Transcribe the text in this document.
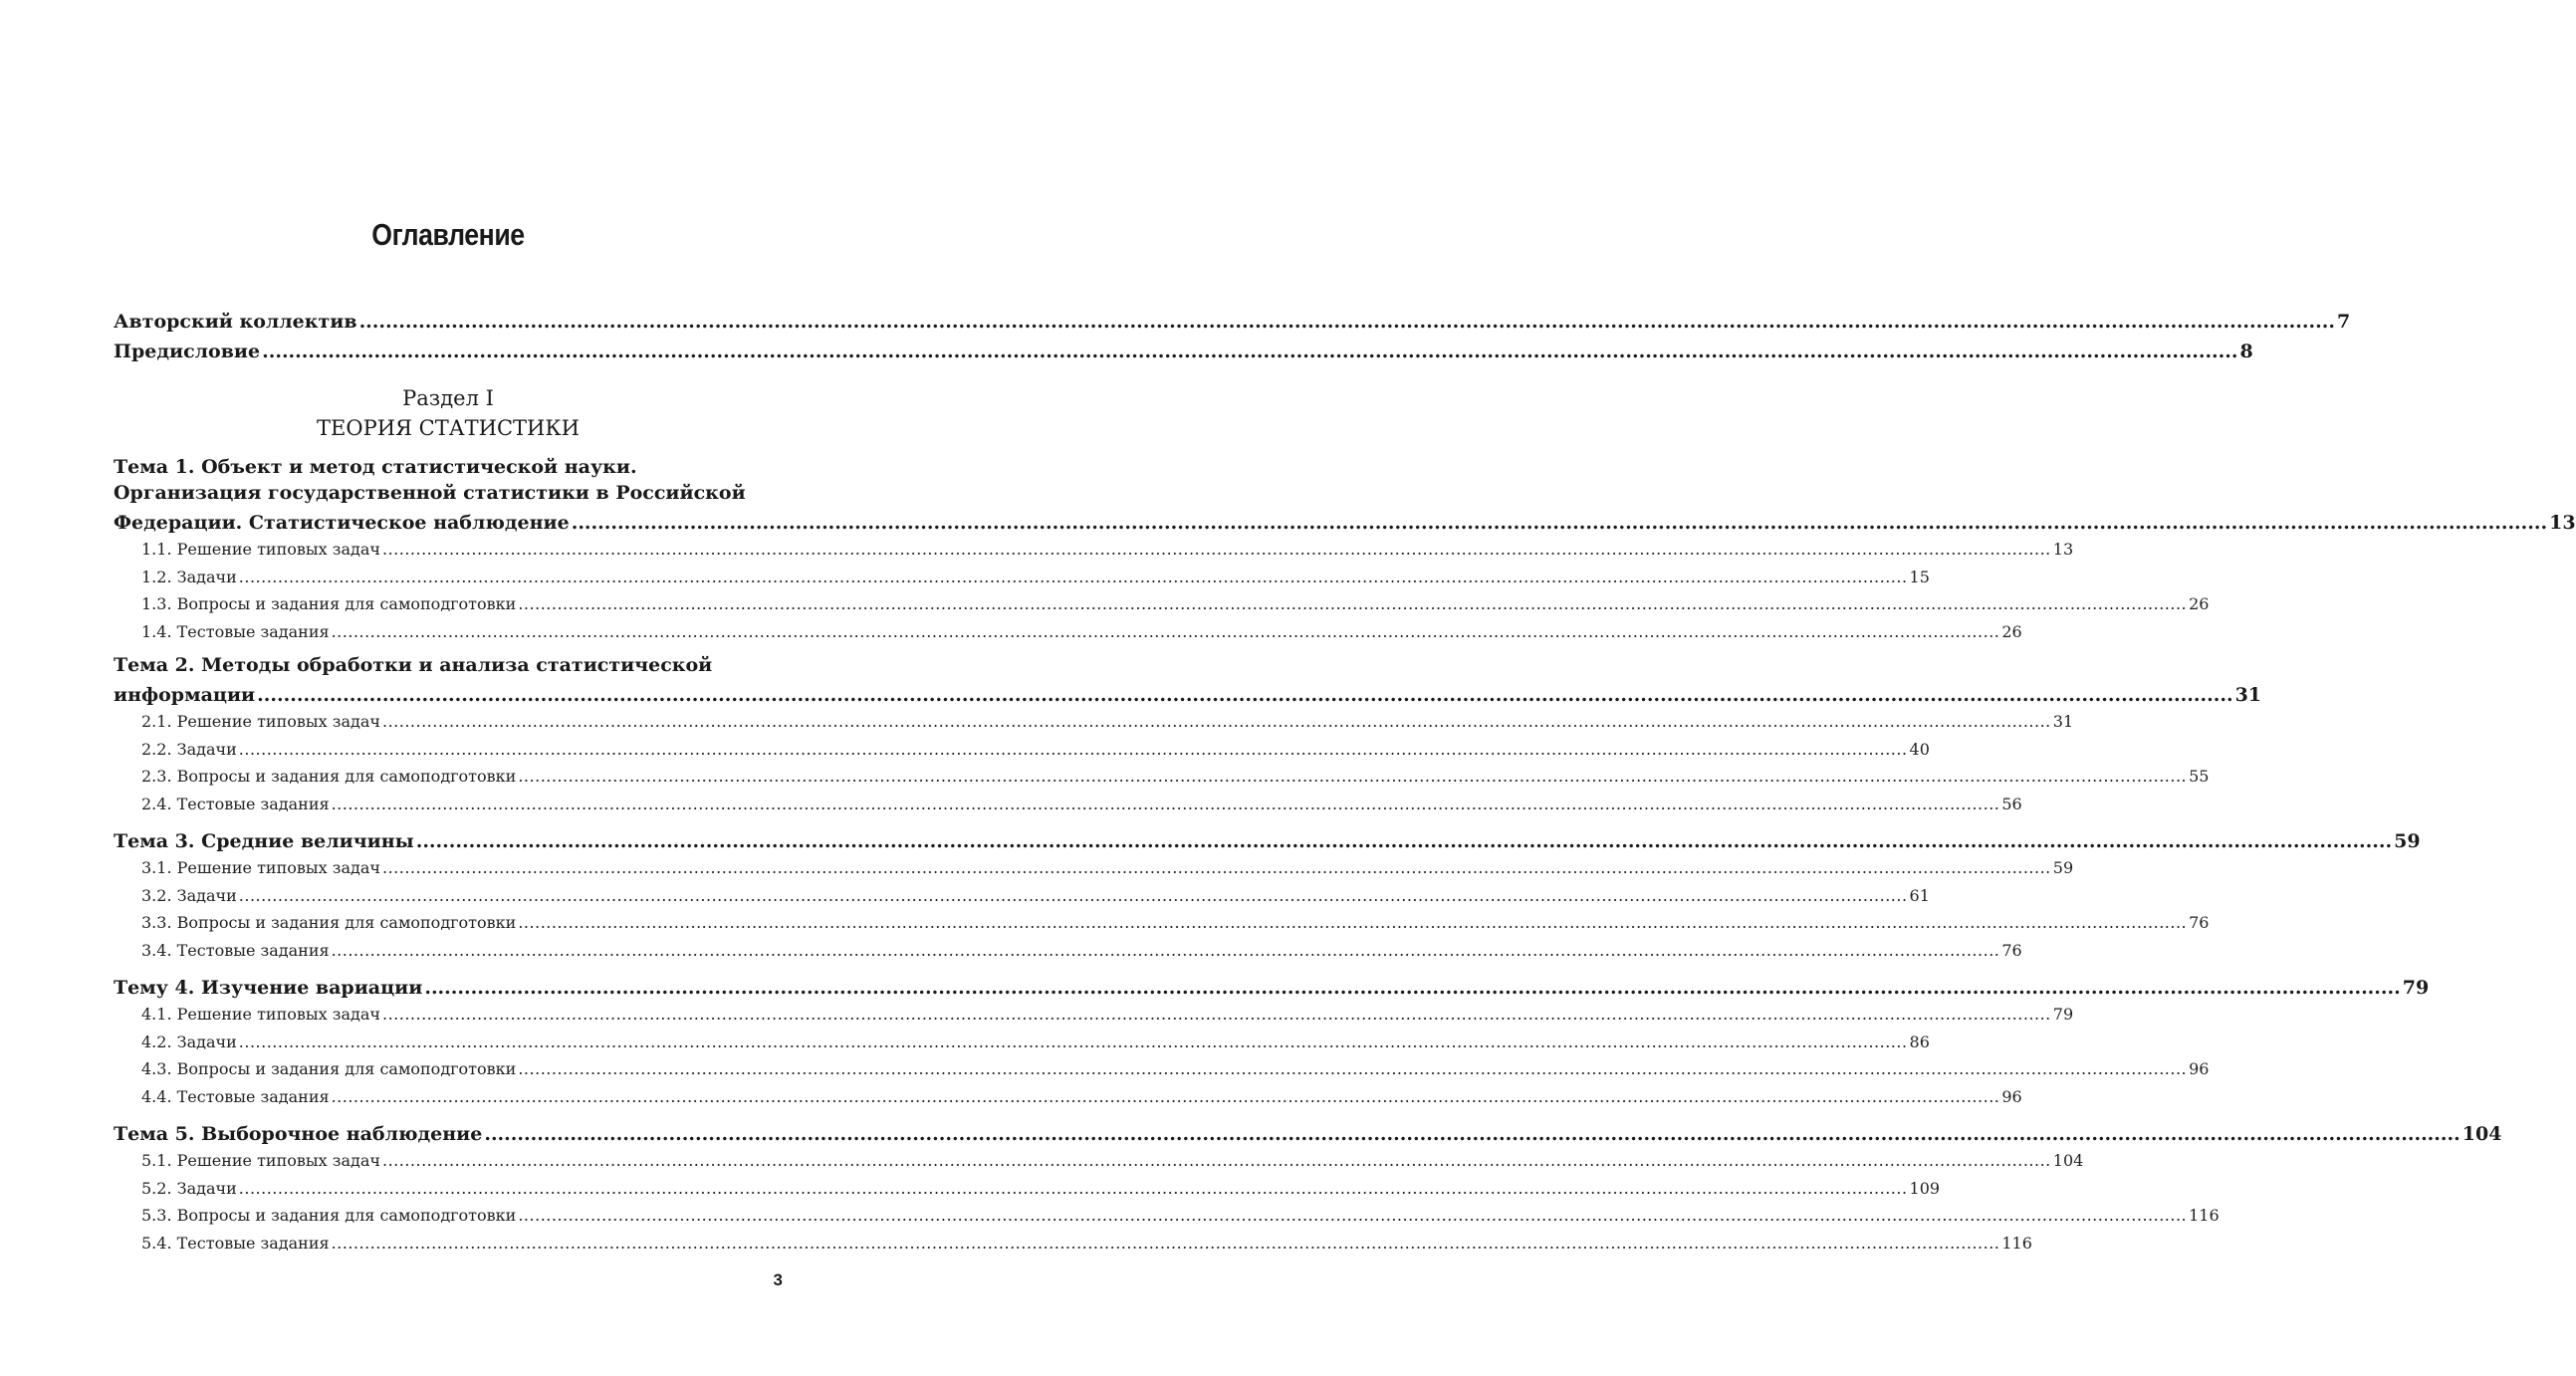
Оглавление
Авторский коллектив ............................................................................................................................................................................................................................................................................................................ 7
Предисловие ............................................................................................................................................................................................................................................................................................................ 8
Раздел I
ТЕОРИЯ СТАТИСТИКИ
Тема 1. Объект и метод статистической науки.
Организация государственной статистики в Российской
Федерации. Статистическое наблюдение ............................................................................................................................................................................................................................................................................................................ 13
1.1. Решение типовых задач ............................................................................................................................................................................................................................................................................................................ 13
1.2. Задачи ............................................................................................................................................................................................................................................................................................................ 15
1.3. Вопросы и задания для самоподготовки ............................................................................................................................................................................................................................................................................................................ 26
1.4. Тестовые задания ............................................................................................................................................................................................................................................................................................................ 26
Тема 2. Методы обработки и анализа статистической
информации ............................................................................................................................................................................................................................................................................................................ 31
2.1. Решение типовых задач ............................................................................................................................................................................................................................................................................................................ 31
2.2. Задачи ............................................................................................................................................................................................................................................................................................................ 40
2.3. Вопросы и задания для самоподготовки ............................................................................................................................................................................................................................................................................................................ 55
2.4. Тестовые задания ............................................................................................................................................................................................................................................................................................................ 56
Тема 3. Средние величины ............................................................................................................................................................................................................................................................................................................ 59
3.1. Решение типовых задач ............................................................................................................................................................................................................................................................................................................ 59
3.2. Задачи ............................................................................................................................................................................................................................................................................................................ 61
3.3. Вопросы и задания для самоподготовки ............................................................................................................................................................................................................................................................................................................ 76
3.4. Тестовые задания ............................................................................................................................................................................................................................................................................................................ 76
Тему 4. Изучение вариации ............................................................................................................................................................................................................................................................................................................ 79
4.1. Решение типовых задач ............................................................................................................................................................................................................................................................................................................ 79
4.2. Задачи ............................................................................................................................................................................................................................................................................................................ 86
4.3. Вопросы и задания для самоподготовки ............................................................................................................................................................................................................................................................................................................ 96
4.4. Тестовые задания ............................................................................................................................................................................................................................................................................................................ 96
Тема 5. Выборочное наблюдение ............................................................................................................................................................................................................................................................................................................ 104
5.1. Решение типовых задач ............................................................................................................................................................................................................................................................................................................ 104
5.2. Задачи ............................................................................................................................................................................................................................................................................................................ 109
5.3. Вопросы и задания для самоподготовки ............................................................................................................................................................................................................................................................................................................ 116
5.4. Тестовые задания ............................................................................................................................................................................................................................................................................................................ 116
3
